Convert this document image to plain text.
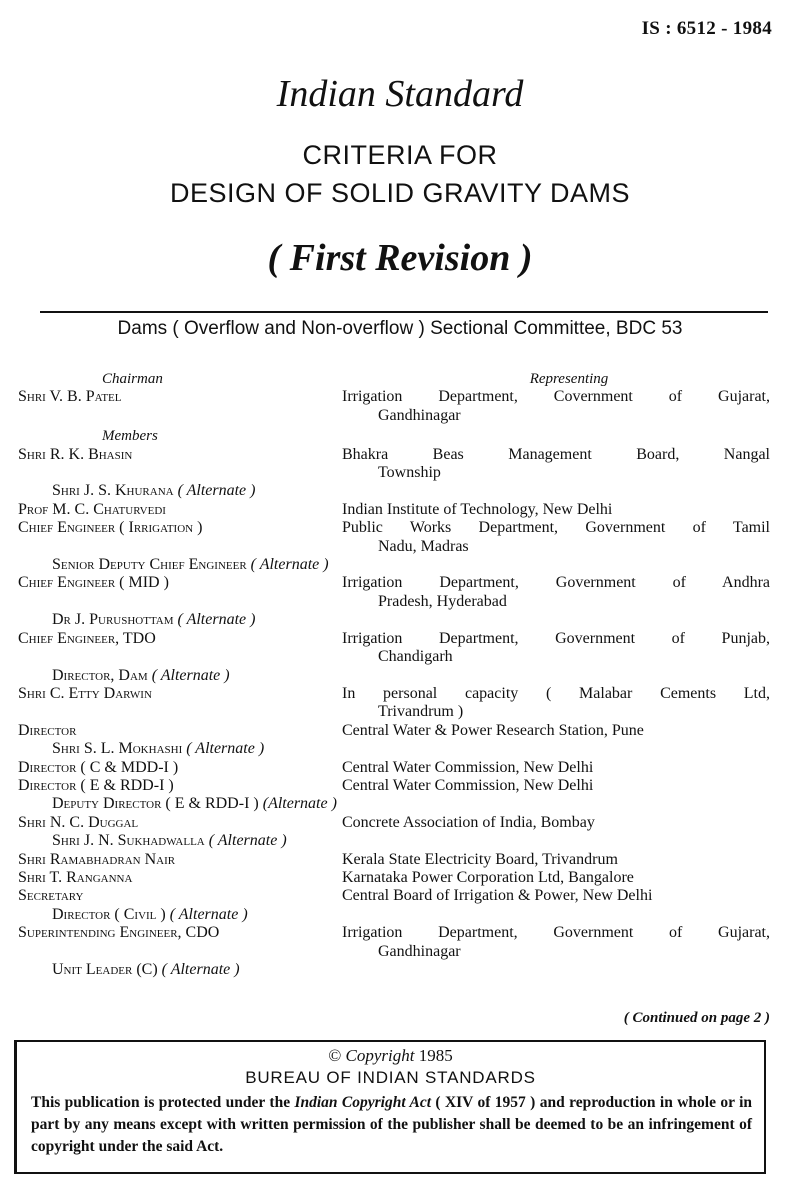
IS : 6512 - 1984
Indian Standard
CRITERIA FOR
DESIGN OF SOLID GRAVITY DAMS
( First Revision )
Dams ( Overflow and Non-overflow ) Sectional Committee, BDC 53
Chairman	Representing
Shri V. B. Patel	Irrigation Department, Covernment of Gujarat,
Gandhinagar
Members
Shri R. K. Bhasin	Bhakra Beas Management Board, Nangal
Township
Shri J. S. Khurana ( Alternate )
Prof M. C. Chaturvedi	Indian Institute of Technology, New Delhi
Chief Engineer ( Irrigation )	Public Works Department, Government of Tamil
Nadu, Madras
Senior Deputy Chief Engineer ( Alternate )
Chief Engineer ( MID )	Irrigation Department, Government of Andhra
Pradesh, Hyderabad
Dr J. Purushottam ( Alternate )
Chief Engineer, TDO	Irrigation Department, Government of Punjab,
Chandigarh
Director, Dam ( Alternate )
Shri C. Etty Darwin	In personal capacity ( Malabar Cements Ltd,
Trivandrum )
Director	Central Water & Power Research Station, Pune
Shri S. L. Mokhashi ( Alternate )
Director ( C & MDD-I )	Central Water Commission, New Delhi
Director ( E & RDD-I )	Central Water Commission, New Delhi
Deputy Director ( E & RDD-I ) (Alternate )
Shri N. C. Duggal	Concrete Association of India, Bombay
Shri J. N. Sukhadwalla ( Alternate )
Shri Ramabhadran Nair	Kerala State Electricity Board, Trivandrum
Shri T. Ranganna	Karnataka Power Corporation Ltd, Bangalore
Secretary	Central Board of Irrigation & Power, New Delhi
Director ( Civil ) ( Alternate )
Superintending Engineer, CDO	Irrigation Department, Government of Gujarat,
Gandhinagar
Unit Leader (C) ( Alternate )
( Continued on page 2 )
© Copyright 1985
BUREAU OF INDIAN STANDARDS
This publication is protected under the Indian Copyright Act ( XIV of 1957 ) and reproduction in whole or in part by any means except with written permission of the publisher shall be deemed to be an infringement of copyright under the said Act.
